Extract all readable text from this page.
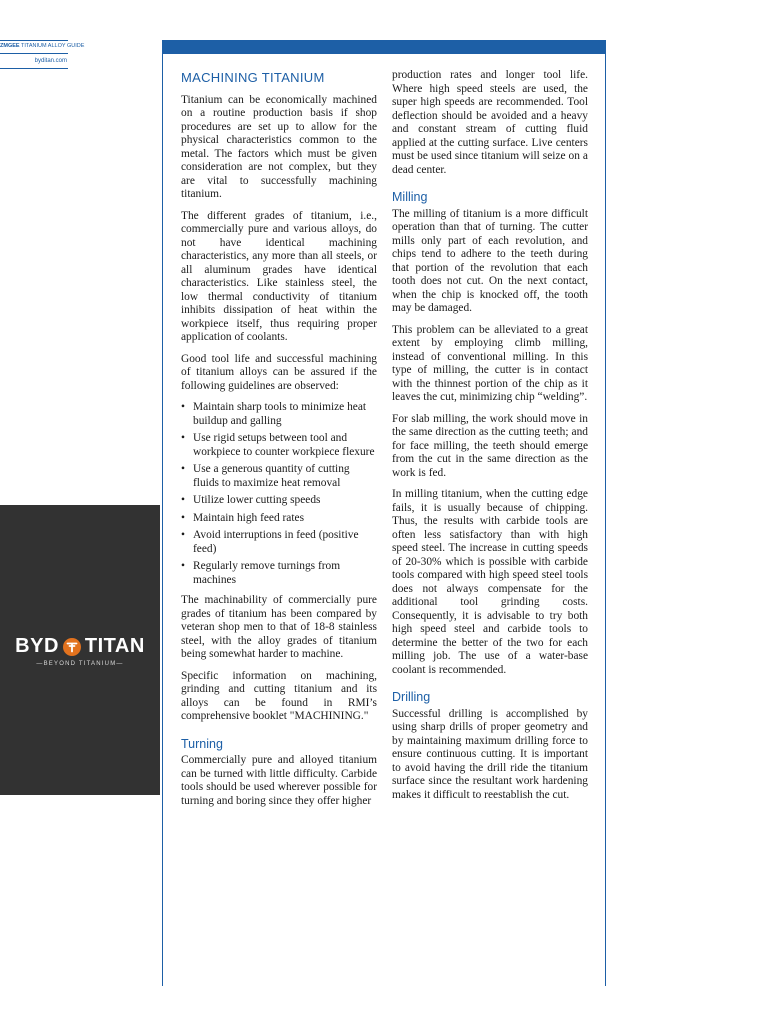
ZMGEE TITANIUM ALLOY GUIDE
byditan.com
BYD TITAN
—BEYOND TITANIUM—
MACHINING TITANIUM

Titanium can be economically machined on a routine production basis if shop procedures are set up to allow for the physical characteristics common to the metal. The factors which must be given consideration are not complex, but they are vital to successfully machining titanium.

The different grades of titanium, i.e., commercially pure and various alloys, do not have identical machining characteristics, any more than all steels, or all aluminum grades have identical characteristics. Like stainless steel, the low thermal conductivity of titanium inhibits dissipation of heat within the workpiece itself, thus requiring proper application of coolants.

Good tool life and successful machining of titanium alloys can be assured if the following guidelines are observed:

• Maintain sharp tools to minimize heat buildup and galling
• Use rigid setups between tool and workpiece to counter workpiece flexure
• Use a generous quantity of cutting fluids to maximize heat removal
• Utilize lower cutting speeds
• Maintain high feed rates
• Avoid interruptions in feed (positive feed)
• Regularly remove turnings from machines

The machinability of commercially pure grades of titanium has been compared by veteran shop men to that of 18-8 stainless steel, with the alloy grades of titanium being somewhat harder to machine.

Specific information on machining, grinding and cutting titanium and its alloys can be found in RMI’s comprehensive booklet "MACHINING."

Turning

Commercially pure and alloyed titanium can be turned with little difficulty. Carbide tools should be used wherever possible for turning and boring since they offer higher

production rates and longer tool life. Where high speed steels are used, the super high speeds are recommended. Tool deflection should be avoided and a heavy and constant stream of cutting fluid applied at the cutting surface. Live centers must be used since titanium will seize on a dead center.

Milling

The milling of titanium is a more difficult operation than that of turning. The cutter mills only part of each revolution, and chips tend to adhere to the teeth during that portion of the revolution that each tooth does not cut. On the next contact, when the chip is knocked off, the tooth may be damaged.

This problem can be alleviated to a great extent by employing climb milling, instead of conventional milling. In this type of milling, the cutter is in contact with the thinnest portion of the chip as it leaves the cut, minimizing chip “welding”.

For slab milling, the work should move in the same direction as the cutting teeth; and for face milling, the teeth should emerge from the cut in the same direction as the work is fed.

In milling titanium, when the cutting edge fails, it is usually because of chipping. Thus, the results with carbide tools are often less satisfactory than with high speed steel. The increase in cutting speeds of 20-30% which is possible with carbide tools compared with high speed steel tools does not always compensate for the additional tool grinding costs. Consequently, it is advisable to try both high speed steel and carbide tools to determine the better of the two for each milling job. The use of a water-base coolant is recommended.

Drilling

Successful drilling is accomplished by using sharp drills of proper geometry and by maintaining maximum drilling force to ensure continuous cutting. It is important to avoid having the drill ride the titanium surface since the resultant work hardening makes it difficult to reestablish the cut.
